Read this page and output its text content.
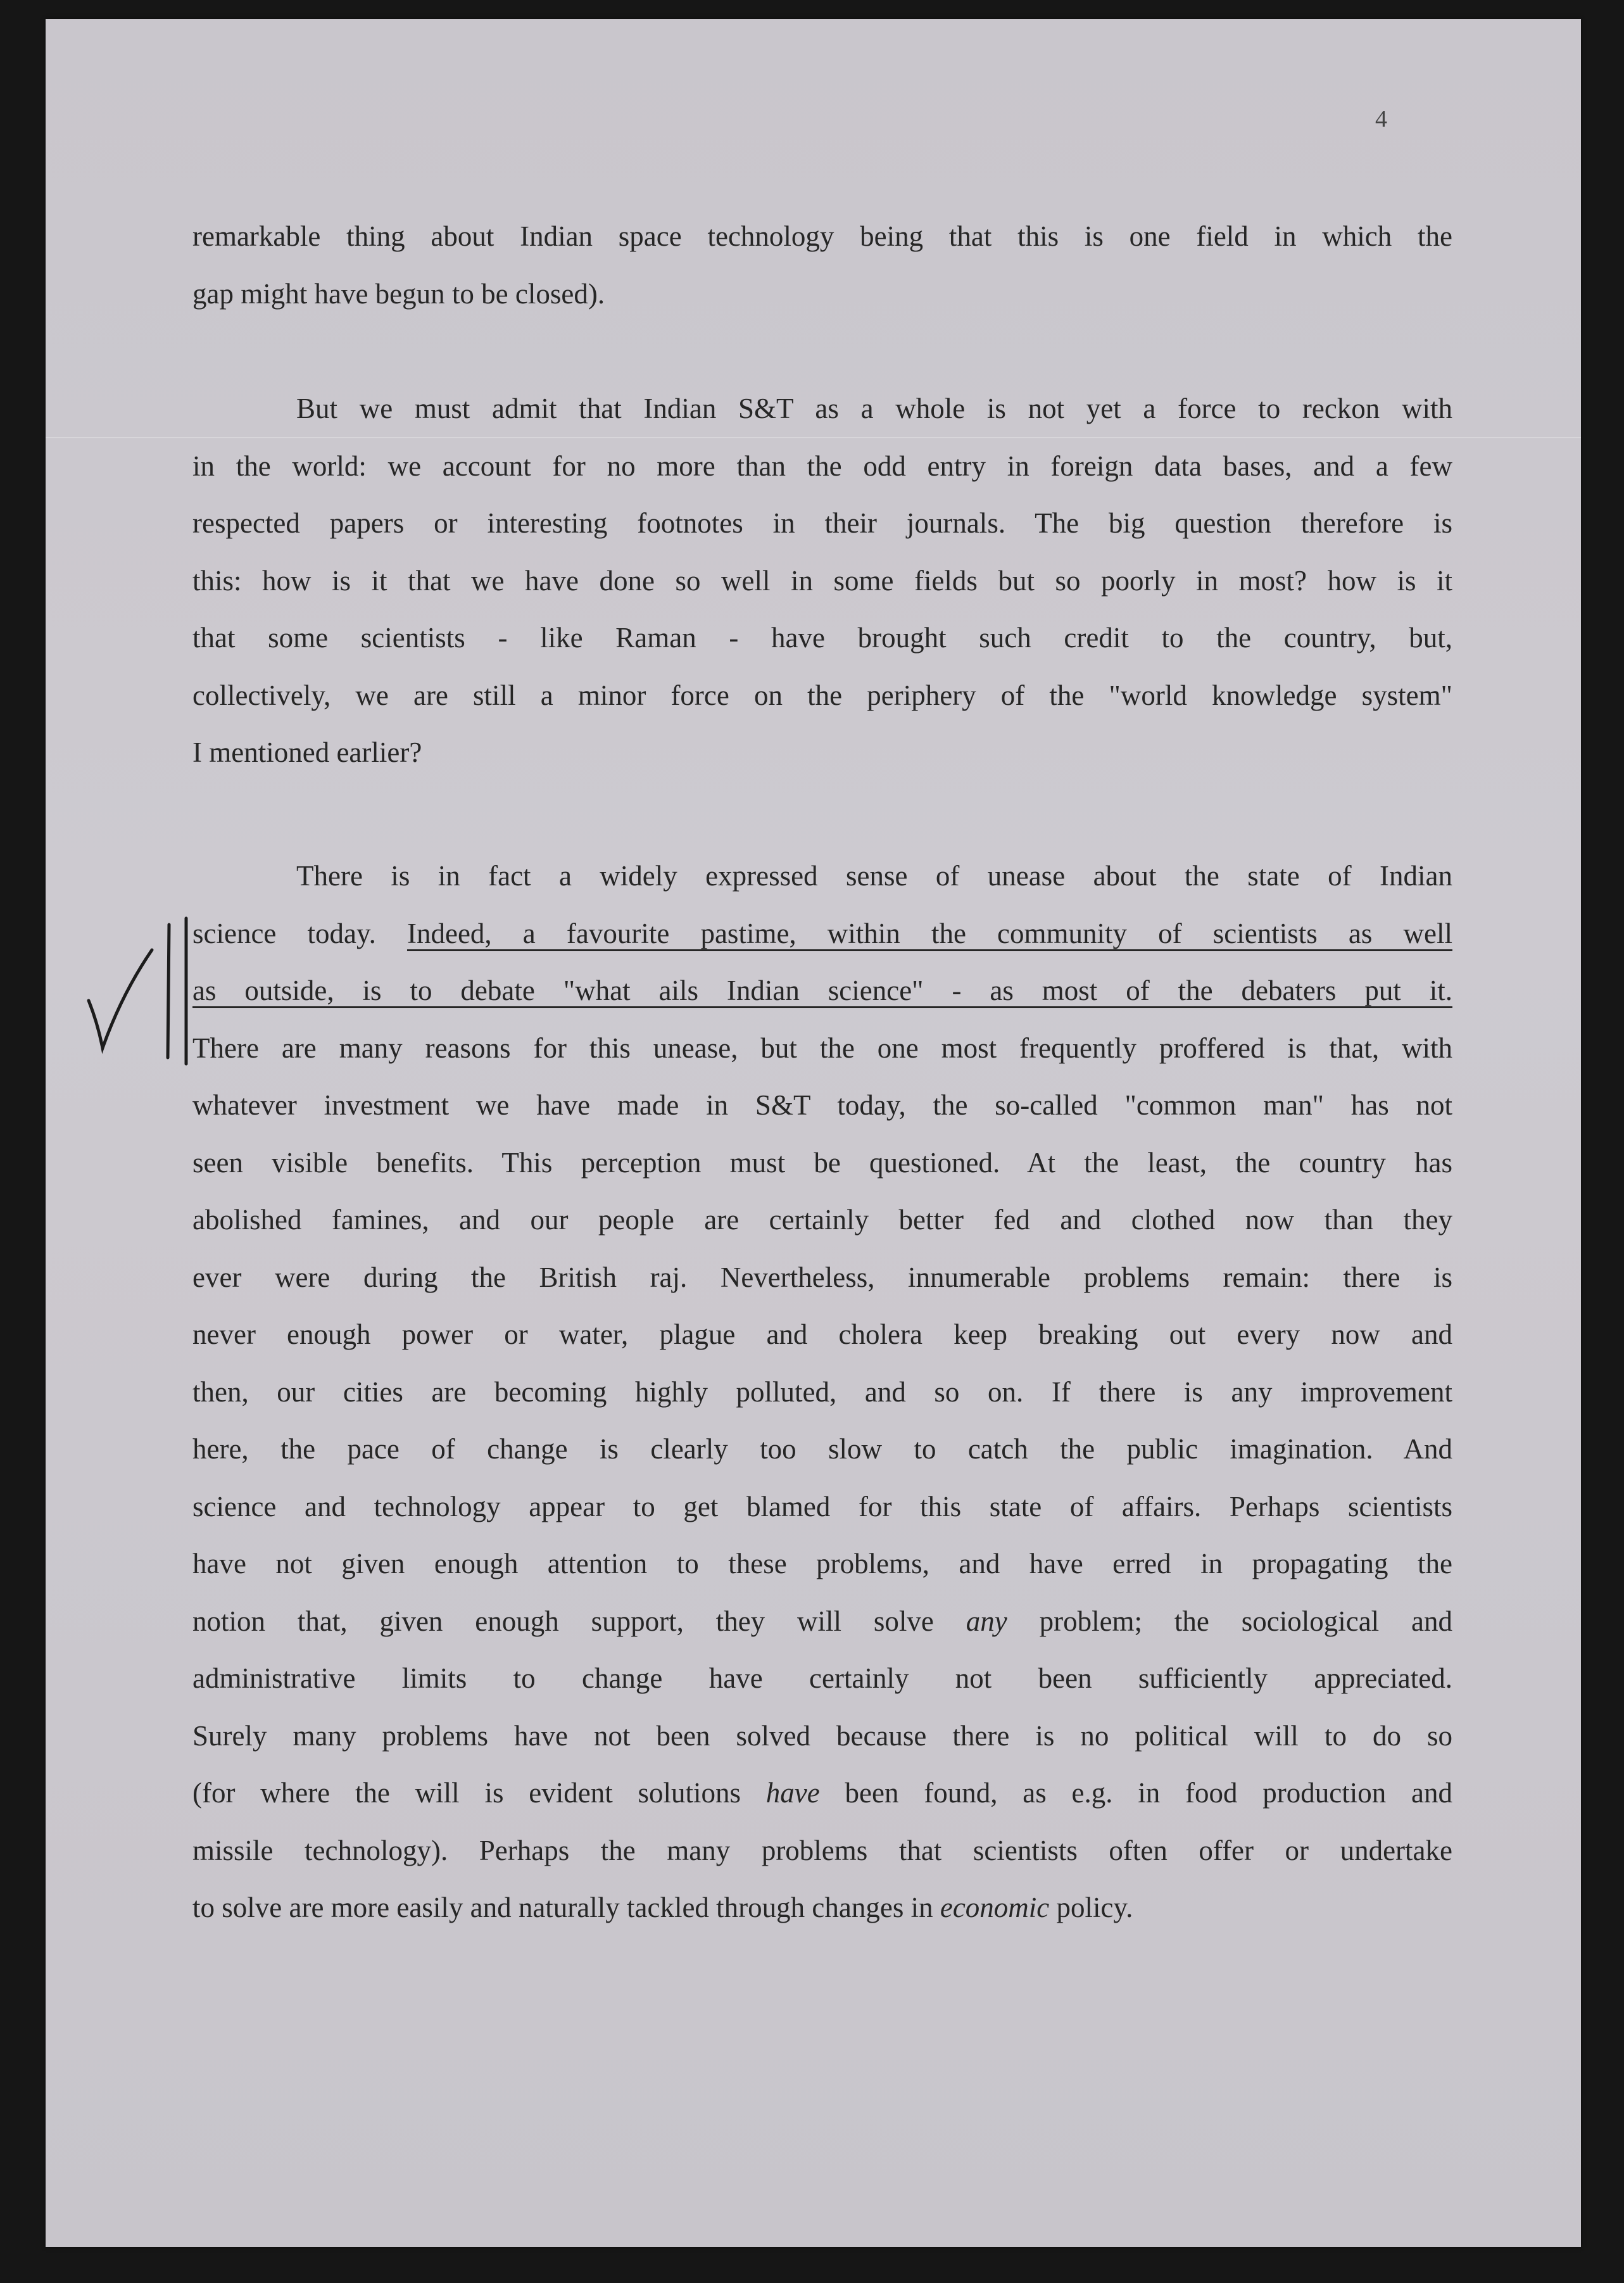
4
remarkable thing about Indian space technology being that this is one field in which the
gap might have begun to be closed).
But we must admit that Indian S&T as a whole is not yet a force to reckon with
in the world: we account for no more than the odd entry in foreign data bases, and a few
respected papers or interesting footnotes in their journals. The big question therefore is
this: how is it that we have done so well in some fields but so poorly in most? how is it
that some scientists - like Raman - have brought such credit to the country, but,
collectively, we are still a minor force on the periphery of the "world knowledge system"
I mentioned earlier?
There is in fact a widely expressed sense of unease about the state of Indian
science today. Indeed, a favourite pastime, within the community of scientists as well
as outside, is to debate "what ails Indian science" - as most of the debaters put it.
There are many reasons for this unease, but the one most frequently proffered is that, with
whatever investment we have made in S&T today, the so-called "common man" has not
seen visible benefits. This perception must be questioned. At the least, the country has
abolished famines, and our people are certainly better fed and clothed now than they
ever were during the British raj. Nevertheless, innumerable problems remain: there is
never enough power or water, plague and cholera keep breaking out every now and
then, our cities are becoming highly polluted, and so on. If there is any improvement
here, the pace of change is clearly too slow to catch the public imagination. And
science and technology appear to get blamed for this state of affairs. Perhaps scientists
have not given enough attention to these problems, and have erred in propagating the
notion that, given enough support, they will solve any problem; the sociological and
administrative limits to change have certainly not been sufficiently appreciated.
Surely many problems have not been solved because there is no political will to do so
(for where the will is evident solutions have been found, as e.g. in food production and
missile technology). Perhaps the many problems that scientists often offer or undertake
to solve are more easily and naturally tackled through changes in economic policy.
